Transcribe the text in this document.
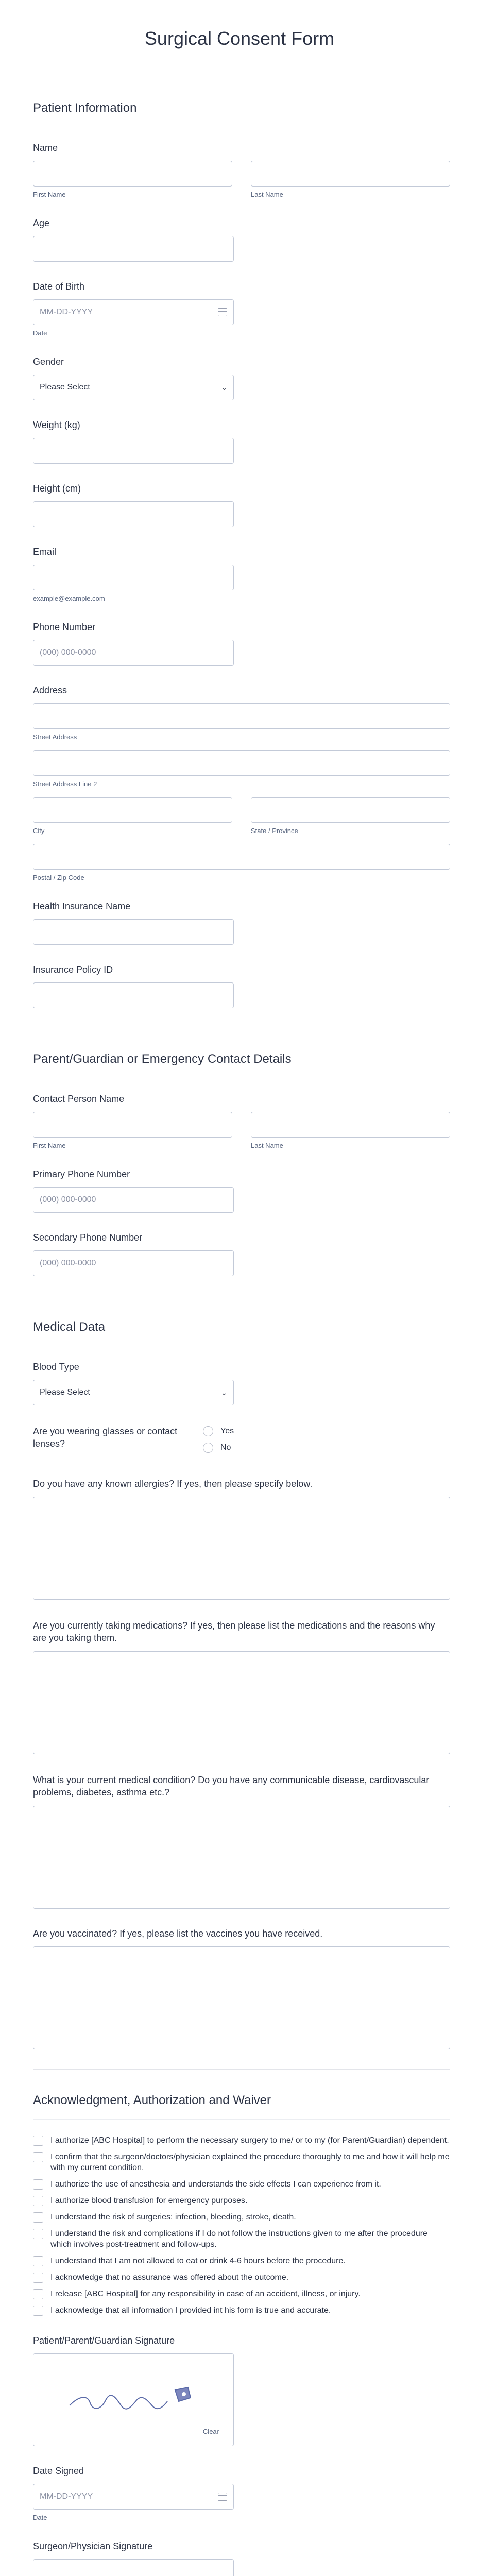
Surgical Consent Form
Patient Information
Name
First Name	Last Name
Age
Date of Birth
MM-DD-YYYY
Date
Gender
Please Select	⌄
Weight (kg)
Height (cm)
Email
example@example.com
Phone Number
(000) 000-0000
Address
Street Address
Street Address Line 2
City	State / Province
Postal / Zip Code
Health Insurance Name
Insurance Policy ID
Parent/Guardian or Emergency Contact Details
Contact Person Name
First Name	Last Name
Primary Phone Number
(000) 000-0000
Secondary Phone Number
(000) 000-0000
Medical Data
Blood Type
Please Select	⌄
Are you wearing glasses or contact lenses?
Yes
No
Do you have any known allergies? If yes, then please specify below.
Are you currently taking medications? If yes, then please list the medications and the reasons why are you taking them.
What is your current medical condition? Do you have any communicable disease, cardiovascular problems, diabetes, asthma etc.?
Are you vaccinated? If yes, please list the vaccines you have received.
Acknowledgment, Authorization and Waiver
I authorize [ABC Hospital] to perform the necessary surgery to me/ or to my (for Parent/Guardian) dependent.
I confirm that the surgeon/doctors/physician explained the procedure thoroughly to me and how it will help me with my current condition.
I authorize the use of anesthesia and understands the side effects I can experience from it.
I authorize blood transfusion for emergency purposes.
I understand the risk of surgeries: infection, bleeding, stroke, death.
I understand the risk and complications if I do not follow the instructions given to me after the procedure which involves post-treatment and follow-ups.
I understand that I am not allowed to eat or drink 4-6 hours before the procedure.
I acknowledge that no assurance was offered about the outcome.
I release [ABC Hospital] for any responsibility in case of an accident, illness, or injury.
I acknowledge that all information I provided int his form is true and accurate.
Patient/Parent/Guardian Signature
Clear
Date Signed
MM-DD-YYYY
Date
Surgeon/Physician Signature
